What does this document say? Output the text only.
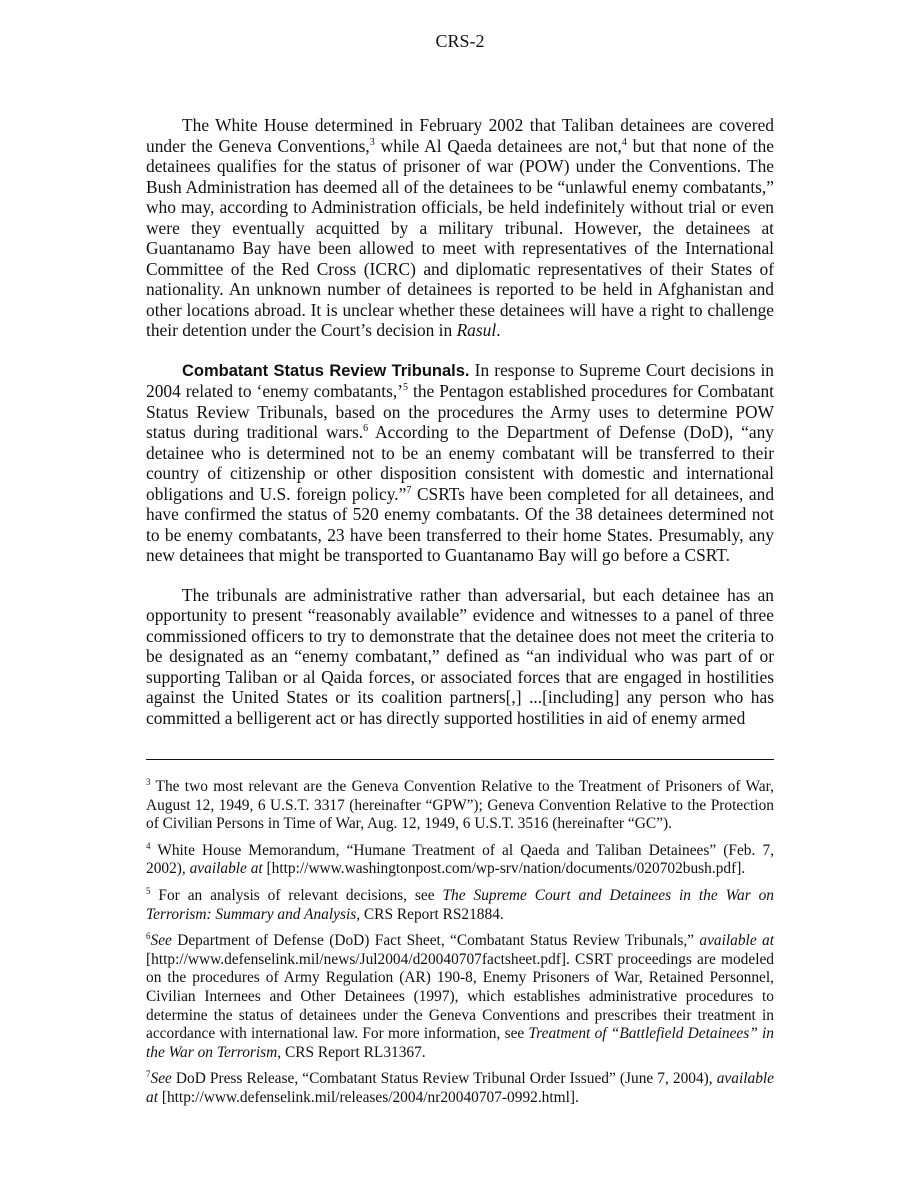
CRS-2

The White House determined in February 2002 that Taliban detainees are covered under the Geneva Conventions,$^3$ while Al Qaeda detainees are not,$^4$ but that none of the detainees qualifies for the status of prisoner of war (POW) under the Conventions. The Bush Administration has deemed all of the detainees to be “unlawful enemy combatants,” who may, according to Administration officials, be held indefinitely without trial or even were they eventually acquitted by a military tribunal. However, the detainees at Guantanamo Bay have been allowed to meet with representatives of the International Committee of the Red Cross (ICRC) and diplomatic representatives of their States of nationality. An unknown number of detainees is reported to be held in Afghanistan and other locations abroad. It is unclear whether these detainees will have a right to challenge their detention under the Court’s decision in Rasul.

Combatant Status Review Tribunals. In response to Supreme Court decisions in 2004 related to ‘enemy combatants,’$^5$ the Pentagon established procedures for Combatant Status Review Tribunals, based on the procedures the Army uses to determine POW status during traditional wars.$^6$ According to the Department of Defense (DoD), “any detainee who is determined not to be an enemy combatant will be transferred to their country of citizenship or other disposition consistent with domestic and international obligations and U.S. foreign policy.”$^7$ CSRTs have been completed for all detainees, and have confirmed the status of 520 enemy combatants. Of the 38 detainees determined not to be enemy combatants, 23 have been transferred to their home States. Presumably, any new detainees that might be transported to Guantanamo Bay will go before a CSRT.

The tribunals are administrative rather than adversarial, but each detainee has an opportunity to present “reasonably available” evidence and witnesses to a panel of three commissioned officers to try to demonstrate that the detainee does not meet the criteria to be designated as an “enemy combatant,” defined as “an individual who was part of or supporting Taliban or al Qaida forces, or associated forces that are engaged in hostilities against the United States or its coalition partners[,] ...[including] any person who has committed a belligerent act or has directly supported hostilities in aid of enemy armed

$^3$ The two most relevant are the Geneva Convention Relative to the Treatment of Prisoners of War, August 12, 1949, 6 U.S.T. 3317 (hereinafter “GPW”); Geneva Convention Relative to the Protection of Civilian Persons in Time of War, Aug. 12, 1949, 6 U.S.T. 3516 (hereinafter “GC”).

$^4$ White House Memorandum, “Humane Treatment of al Qaeda and Taliban Detainees” (Feb. 7, 2002), available at [http://www.washingtonpost.com/wp-srv/nation/documents/020702bush.pdf].

$^5$ For an analysis of relevant decisions, see The Supreme Court and Detainees in the War on Terrorism: Summary and Analysis, CRS Report RS21884.

$^6$See Department of Defense (DoD) Fact Sheet, “Combatant Status Review Tribunals,” available at [http://www.defenselink.mil/news/Jul2004/d20040707factsheet.pdf]. CSRT proceedings are modeled on the procedures of Army Regulation (AR) 190-8, Enemy Prisoners of War, Retained Personnel, Civilian Internees and Other Detainees (1997), which establishes administrative procedures to determine the status of detainees under the Geneva Conventions and prescribes their treatment in accordance with international law. For more information, see Treatment of “Battlefield Detainees” in the War on Terrorism, CRS Report RL31367.

$^7$See DoD Press Release, “Combatant Status Review Tribunal Order Issued” (June 7, 2004), available at [http://www.defenselink.mil/releases/2004/nr20040707-0992.html].
